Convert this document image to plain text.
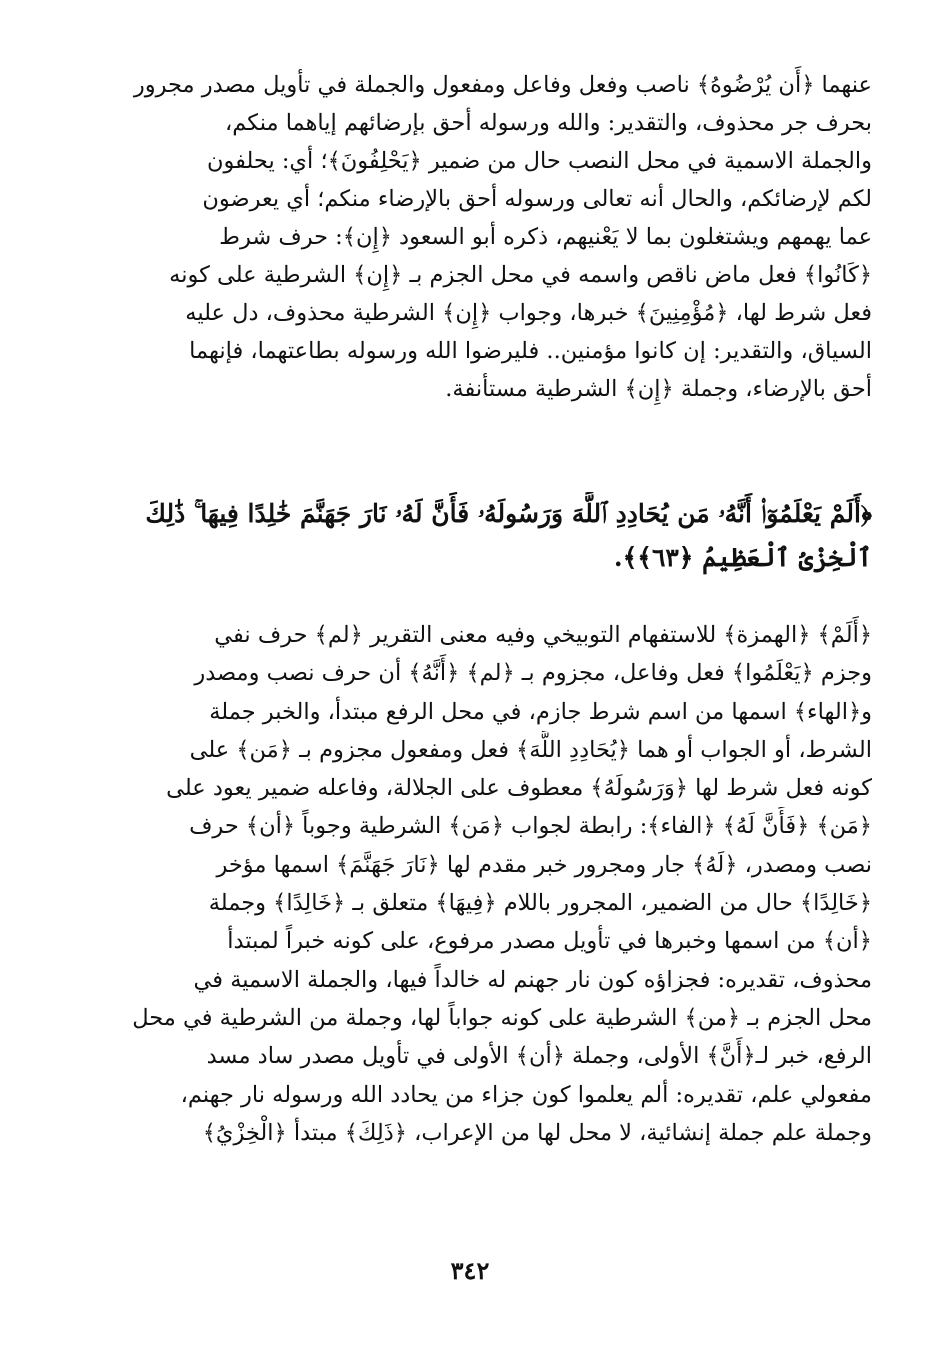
عنهما ﴿أَن يُرْضُوهُ﴾ ناصب وفعل وفاعل ومفعول والجملة في تأويل مصدر مجرور
بحرف جر محذوف، والتقدير: والله ورسوله أحق بإرضائهم إياهما منكم،
والجملة الاسمية في محل النصب حال من ضمير ﴿يَحْلِفُونَ﴾؛ أي: يحلفون
لكم لإرضائكم، والحال أنه تعالى ورسوله أحق بالإرضاء منكم؛ أي يعرضون
عما يهمهم ويشتغلون بما لا يَعْنيهم، ذكره أبو السعود ﴿إِن﴾: حرف شرط
﴿كَانُوا﴾ فعل ماض ناقص واسمه في محل الجزم بـ ﴿إِن﴾ الشرطية على كونه
فعل شرط لها، ﴿مُؤْمِنِينَ﴾ خبرها، وجواب ﴿إِن﴾ الشرطية محذوف، دل عليه
السياق، والتقدير: إن كانوا مؤمنين.. فليرضوا الله ورسوله بطاعتهما، فإنهما
أحق بالإرضاء، وجملة ﴿إِن﴾ الشرطية مستأنفة.
﴿أَلَمْ يَعْلَمُوٓا۟ أَنَّهُۥ مَن يُحَادِدِ ٱللَّهَ وَرَسُولَهُۥ فَأَنَّ لَهُۥ نَارَ جَهَنَّمَ خَٰلِدًا فِيهَا ۚ ذَٰلِكَ
ٱلْخِزْىُ ٱلْعَظِيمُ ﴿٦٣﴾﴾.
﴿أَلَمْ﴾ ﴿الهمزة﴾ للاستفهام التوبيخي وفيه معنى التقرير ﴿لم﴾ حرف نفي
وجزم ﴿يَعْلَمُوا﴾ فعل وفاعل، مجزوم بـ ﴿لم﴾ ﴿أَنَّهُ﴾ أن حرف نصب ومصدر
و﴿الهاء﴾ اسمها من اسم شرط جازم، في محل الرفع مبتدأ، والخبر جملة
الشرط، أو الجواب أو هما ﴿يُحَادِدِ اللَّهَ﴾ فعل ومفعول مجزوم بـ ﴿مَن﴾ على
كونه فعل شرط لها ﴿وَرَسُولَهُ﴾ معطوف على الجلالة، وفاعله ضمير يعود على
﴿مَن﴾ ﴿فَأَنَّ لَهُ﴾ ﴿الفاء﴾: رابطة لجواب ﴿مَن﴾ الشرطية وجوباً ﴿أن﴾ حرف
نصب ومصدر، ﴿لَهُ﴾ جار ومجرور خبر مقدم لها ﴿نَارَ جَهَنَّمَ﴾ اسمها مؤخر
﴿خَالِدًا﴾ حال من الضمير، المجرور باللام ﴿فِيهَا﴾ متعلق بـ ﴿خَالِدًا﴾ وجملة
﴿أن﴾ من اسمها وخبرها في تأويل مصدر مرفوع، على كونه خبراً لمبتدأ
محذوف، تقديره: فجزاؤه كون نار جهنم له خالداً فيها، والجملة الاسمية في
محل الجزم بـ ﴿من﴾ الشرطية على كونه جواباً لها، وجملة من الشرطية في محل
الرفع، خبر لـ﴿أَنَّ﴾ الأولى، وجملة ﴿أن﴾ الأولى في تأويل مصدر ساد مسد
مفعولي علم، تقديره: ألم يعلموا كون جزاء من يحادد الله ورسوله نار جهنم،
وجملة علم جملة إنشائية، لا محل لها من الإعراب، ﴿ذَلِكَ﴾ مبتدأ ﴿الْخِزْيُ﴾
٣٤٢
